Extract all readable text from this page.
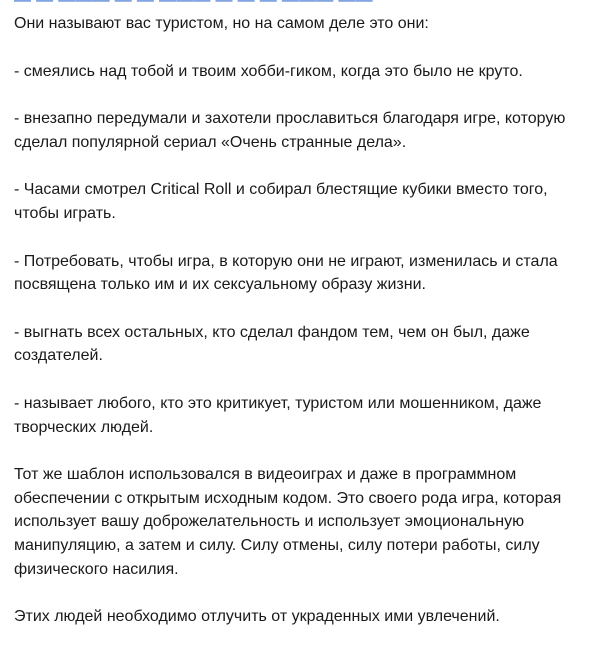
Они называют вас туристом, но на самом деле это они:

- смеялись над тобой и твоим хобби-гиком, когда это было не круто.

- внезапно передумали и захотели прославиться благодаря игре, которую сделал популярной сериал «Очень странные дела».

- Часами смотрел Critical Roll и собирал блестящие кубики вместо того, чтобы играть.

- Потребовать, чтобы игра, в которую они не играют, изменилась и стала посвящена только им и их сексуальному образу жизни.

- выгнать всех остальных, кто сделал фандом тем, чем он был, даже создателей.

- называет любого, кто это критикует, туристом или мошенником, даже творческих людей.

Тот же шаблон использовался в видеоиграх и даже в программном обеспечении с открытым исходным кодом. Это своего рода игра, которая использует вашу доброжелательность и использует эмоциональную манипуляцию, а затем и силу. Силу отмены, силу потери работы, силу физического насилия.

Этих людей необходимо отлучить от украденных ими увлечений.
